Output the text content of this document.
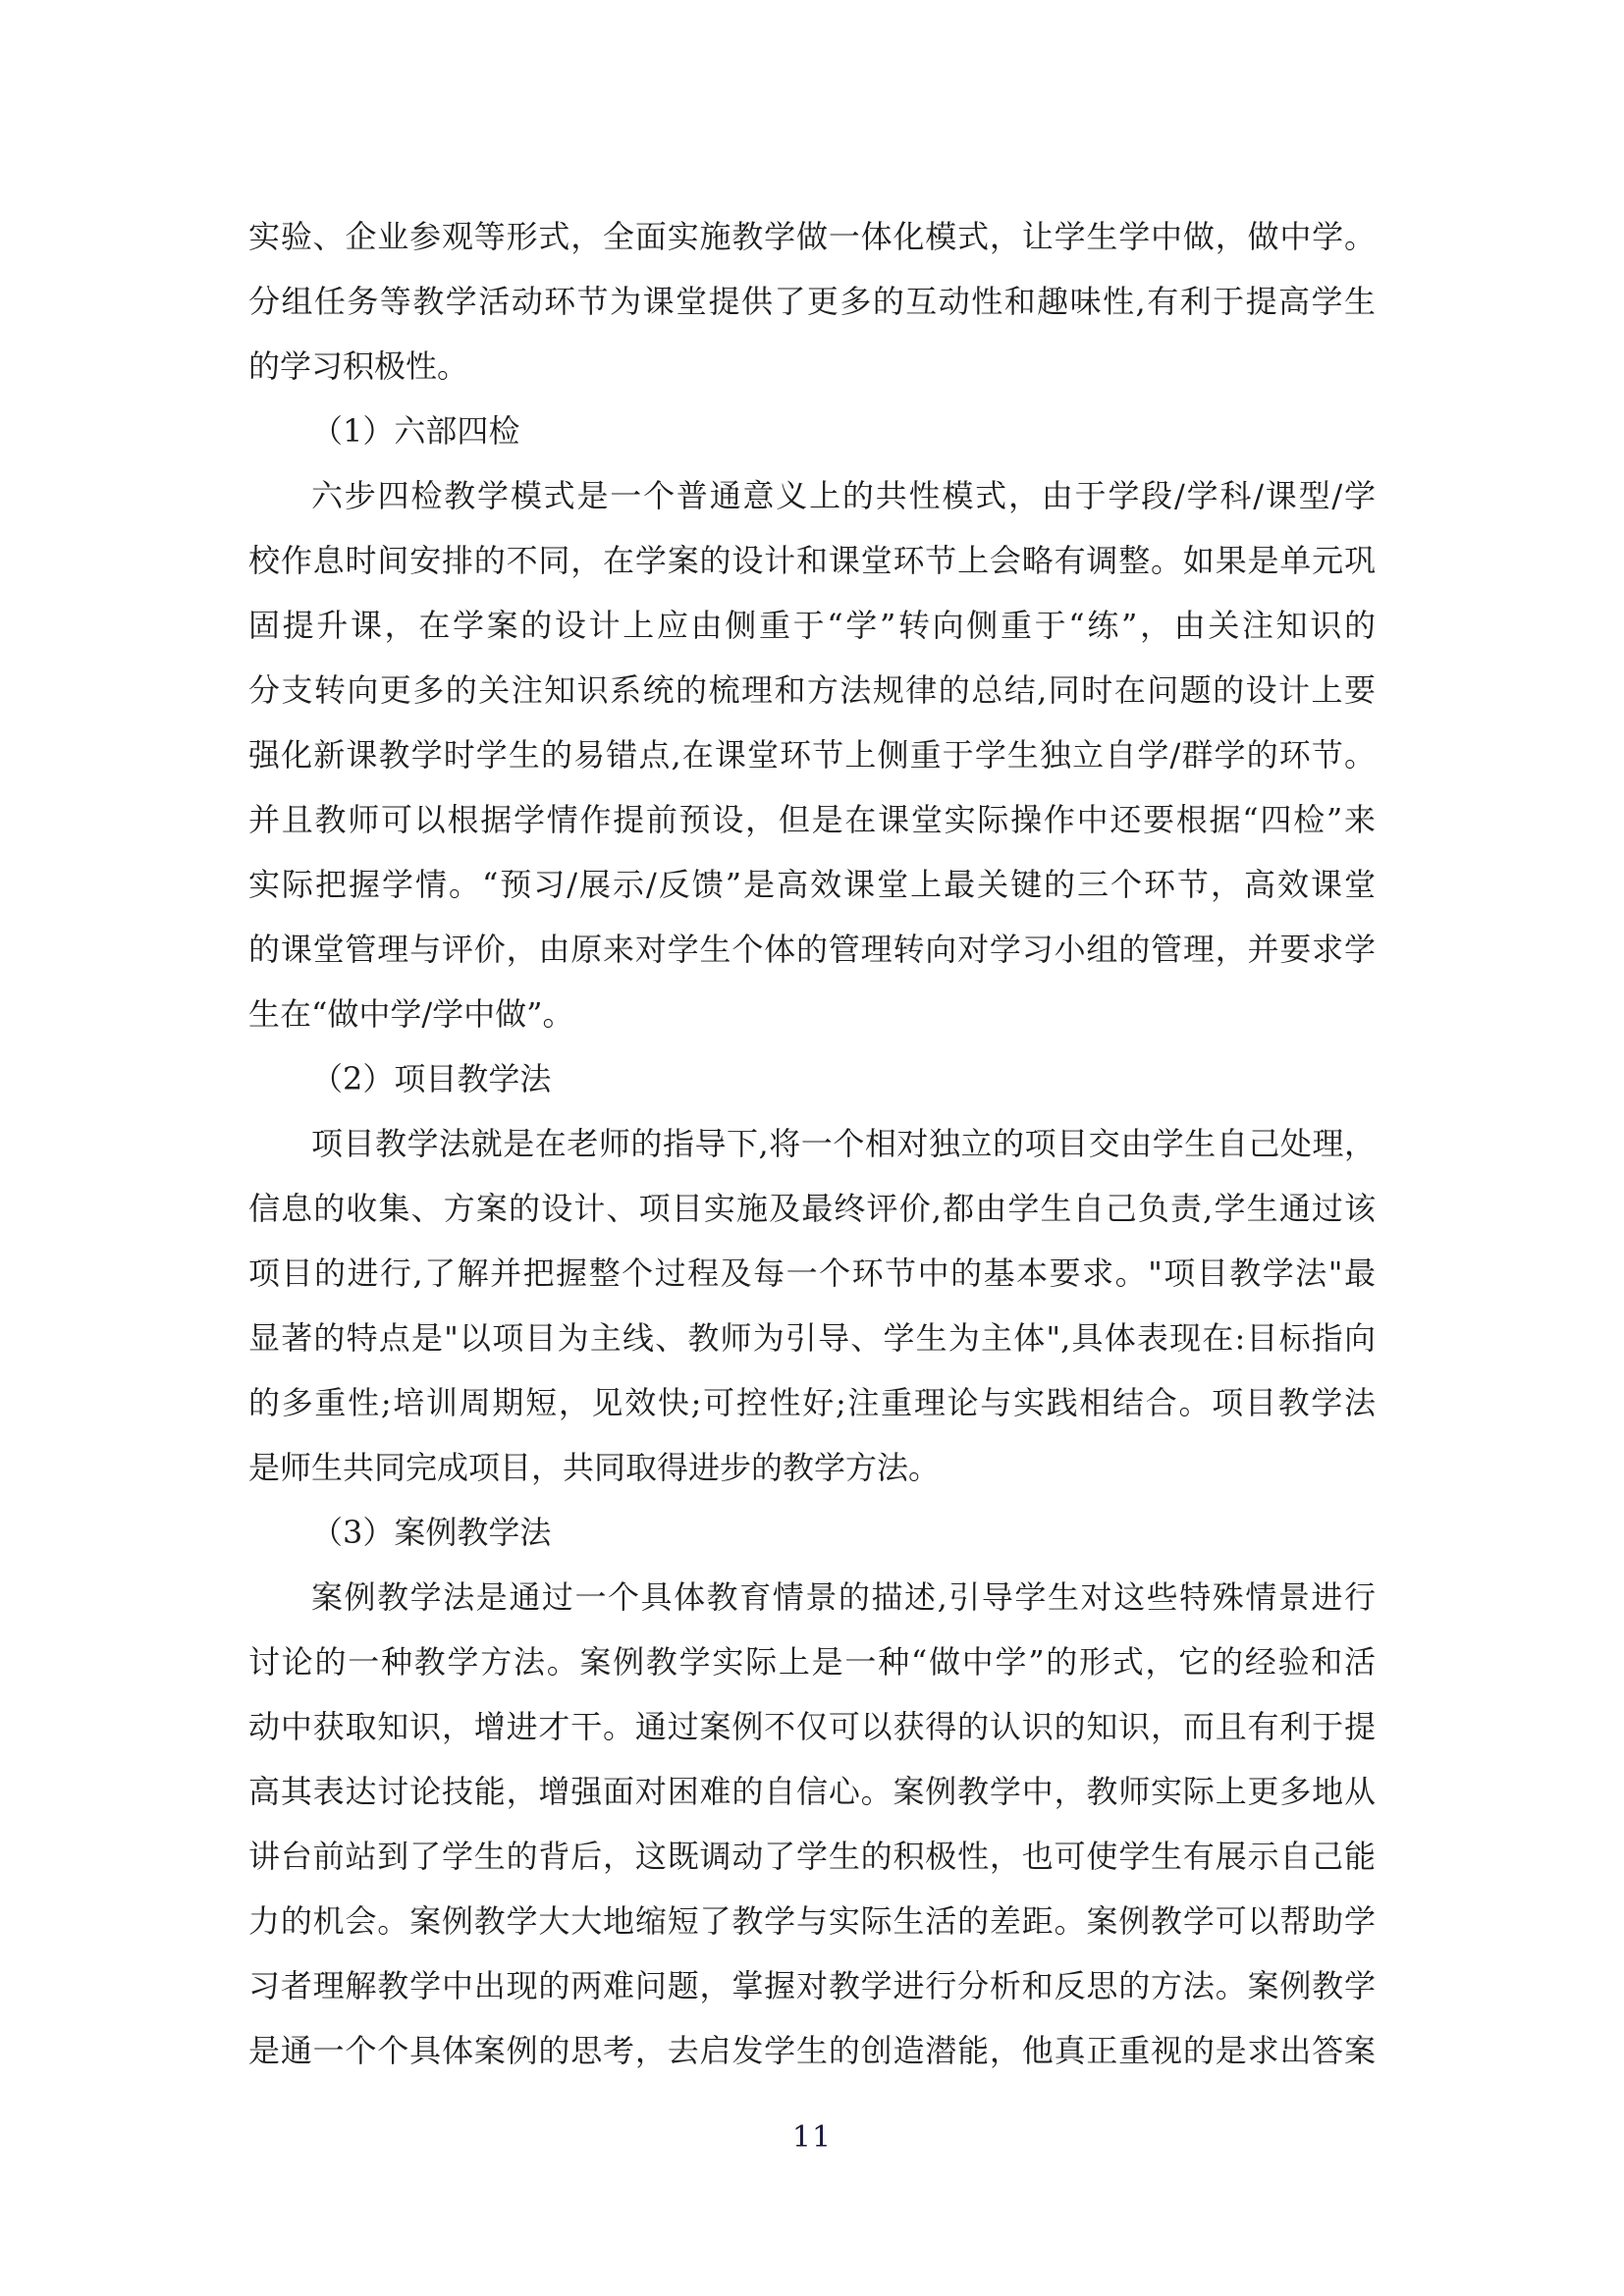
实验、企业参观等形式，全面实施教学做一体化模式，让学生学中做，做中学。
分组任务等教学活动环节为课堂提供了更多的互动性和趣味性,有利于提高学生
的学习积极性。
（1）六部四检
六步四检教学模式是一个普通意义上的共性模式，由于学段/学科/课型/学
校作息时间安排的不同，在学案的设计和课堂环节上会略有调整。如果是单元巩
固提升课，在学案的设计上应由侧重于“学”转向侧重于“练”，由关注知识的
分支转向更多的关注知识系统的梳理和方法规律的总结,同时在问题的设计上要
强化新课教学时学生的易错点,在课堂环节上侧重于学生独立自学/群学的环节。
并且教师可以根据学情作提前预设，但是在课堂实际操作中还要根据“四检”来
实际把握学情。“预习/展示/反馈”是高效课堂上最关键的三个环节，高效课堂
的课堂管理与评价，由原来对学生个体的管理转向对学习小组的管理，并要求学
生在“做中学/学中做”。
（2）项目教学法
项目教学法就是在老师的指导下,将一个相对独立的项目交由学生自己处理，
信息的收集、方案的设计、项目实施及最终评价,都由学生自己负责,学生通过该
项目的进行,了解并把握整个过程及每一个环节中的基本要求。"项目教学法"最
显著的特点是"以项目为主线、教师为引导、学生为主体",具体表现在:目标指向
的多重性;培训周期短，见效快;可控性好;注重理论与实践相结合。项目教学法
是师生共同完成项目，共同取得进步的教学方法。
（3）案例教学法
案例教学法是通过一个具体教育情景的描述,引导学生对这些特殊情景进行
讨论的一种教学方法。案例教学实际上是一种“做中学”的形式，它的经验和活
动中获取知识，增进才干。通过案例不仅可以获得的认识的知识，而且有利于提
高其表达讨论技能，增强面对困难的自信心。案例教学中，教师实际上更多地从
讲台前站到了学生的背后，这既调动了学生的积极性，也可使学生有展示自己能
力的机会。案例教学大大地缩短了教学与实际生活的差距。案例教学可以帮助学
习者理解教学中出现的两难问题，掌握对教学进行分析和反思的方法。案例教学
是通一个个具体案例的思考，去启发学生的创造潜能，他真正重视的是求出答案
11
